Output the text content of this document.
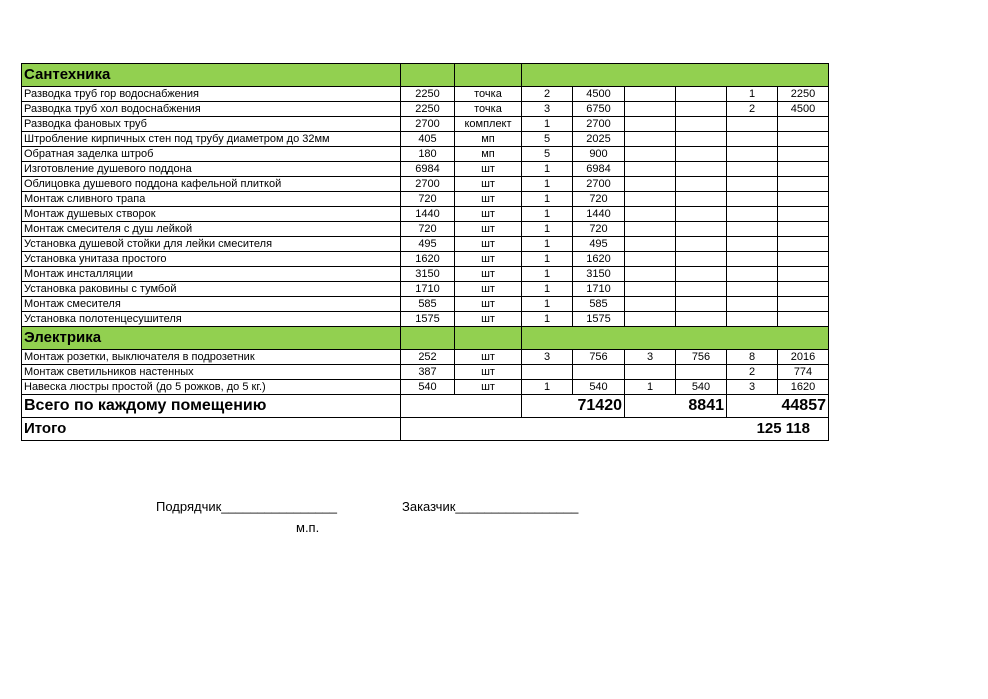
Сантехника								
Разводка труб гор водоснабжения	2250	точка	2	4500			1	2250
Разводка труб хол водоснабжения	2250	точка	3	6750			2	4500
Разводка фановых труб	2700	комплект	1	2700				
Штробление кирпичных стен под трубу диаметром до 32мм	405	мп	5	2025				
Обратная заделка штроб	180	мп	5	900				
Изготовление душевого поддона	6984	шт	1	6984				
Облицовка душевого поддона кафельной плиткой	2700	шт	1	2700				
Монтаж сливного трапа	720	шт	1	720				
Монтаж душевых створок	1440	шт	1	1440				
Монтаж смесителя с душ лейкой	720	шт	1	720				
Установка душевой стойки для лейки смесителя	495	шт	1	495				
Установка унитаза простого	1620	шт	1	1620				
Монтаж инсталляции	3150	шт	1	3150				
Установка раковины с тумбой	1710	шт	1	1710				
Монтаж смесителя	585	шт	1	585				
Установка полотенцесушителя	1575	шт	1	1575				
Электрика								
Монтаж розетки, выключателя в подрозетник	252	шт	3	756	3	756	8	2016
Монтаж светильников настенных	387	шт					2	774
Навеска люстры простой (до 5 рожков, до 5 кг.)	540	шт	1	540	1	540	3	1620
Всего по каждому помещению				71420		8841		44857
Итого							125 118	
Подрядчик________________	Заказчик_________________
м.п.
